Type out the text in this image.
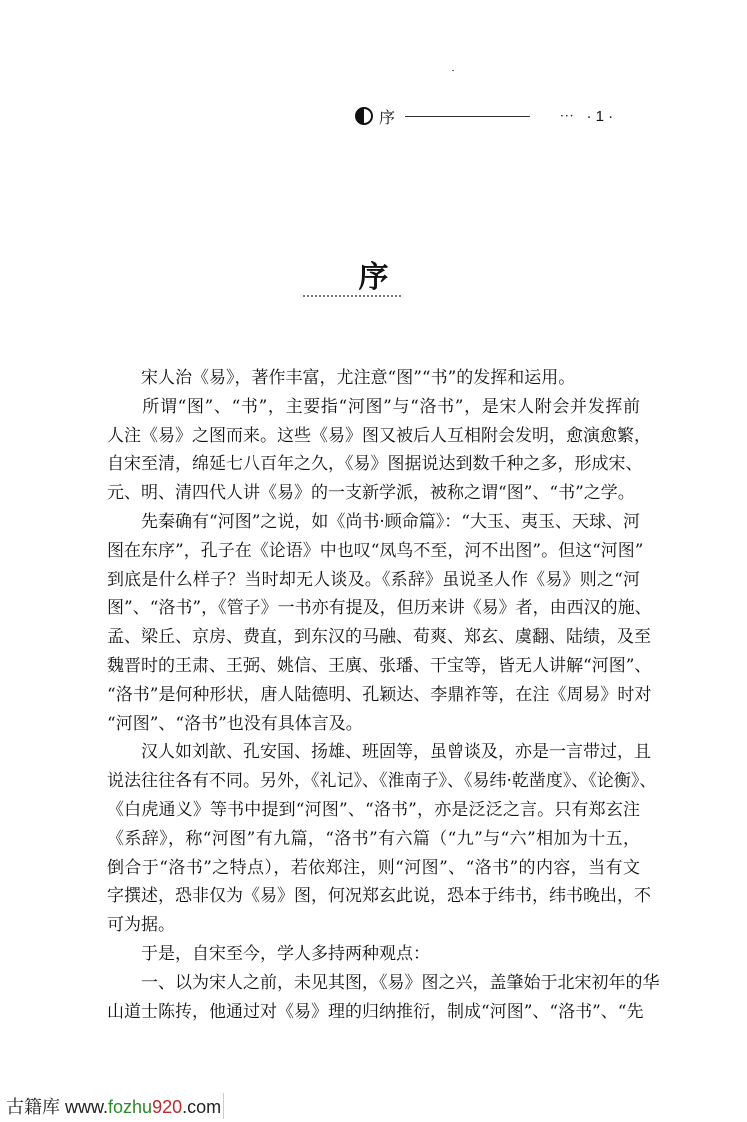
序	··· · 1 ·
序
　　宋人治《易》，著作丰富，尤注意“图”“书”的发挥和运用。
　　所谓“图”、“书”，主要指“河图”与“洛书”，是宋人附会并发挥前
人注《易》之图而来。这些《易》图又被后人互相附会发明，愈演愈繁，
自宋至清，绵延七八百年之久，《易》图据说达到数千种之多，形成宋、
元、明、清四代人讲《易》的一支新学派，被称之谓“图”、“书”之学。
　　先秦确有“河图”之说，如《尚书·顾命篇》：“大玉、夷玉、天球、河
图在东序”，孔子在《论语》中也叹“凤鸟不至，河不出图”。但这“河图”
到底是什么样子？当时却无人谈及。《系辞》虽说圣人作《易》则之“河
图”、“洛书”，《管子》一书亦有提及，但历来讲《易》者，由西汉的施、
孟、梁丘、京房、费直，到东汉的马融、荀爽、郑玄、虞翻、陆绩，及至
魏晋时的王肃、王弼、姚信、王廙、张璠、干宝等，皆无人讲解“河图”、
“洛书”是何种形状，唐人陆德明、孔颖达、李鼎祚等，在注《周易》时对
“河图”、“洛书”也没有具体言及。
　　汉人如刘歆、孔安国、扬雄、班固等，虽曾谈及，亦是一言带过，且
说法往往各有不同。另外，《礼记》、《淮南子》、《易纬·乾凿度》、《论衡》、
《白虎通义》等书中提到“河图”、“洛书”，亦是泛泛之言。只有郑玄注
《系辞》，称“河图”有九篇，“洛书”有六篇（“九”与“六”相加为十五，
倒合于“洛书”之特点），若依郑注，则“河图”、“洛书”的内容，当有文
字撰述，恐非仅为《易》图，何况郑玄此说，恐本于纬书，纬书晚出，不
可为据。
　　于是，自宋至今，学人多持两种观点：
　　一、以为宋人之前，未见其图，《易》图之兴，盖肇始于北宋初年的华
山道士陈抟，他通过对《易》理的归纳推衍，制成“河图”、“洛书”、“先
古籍库 www.fozhu920.com
